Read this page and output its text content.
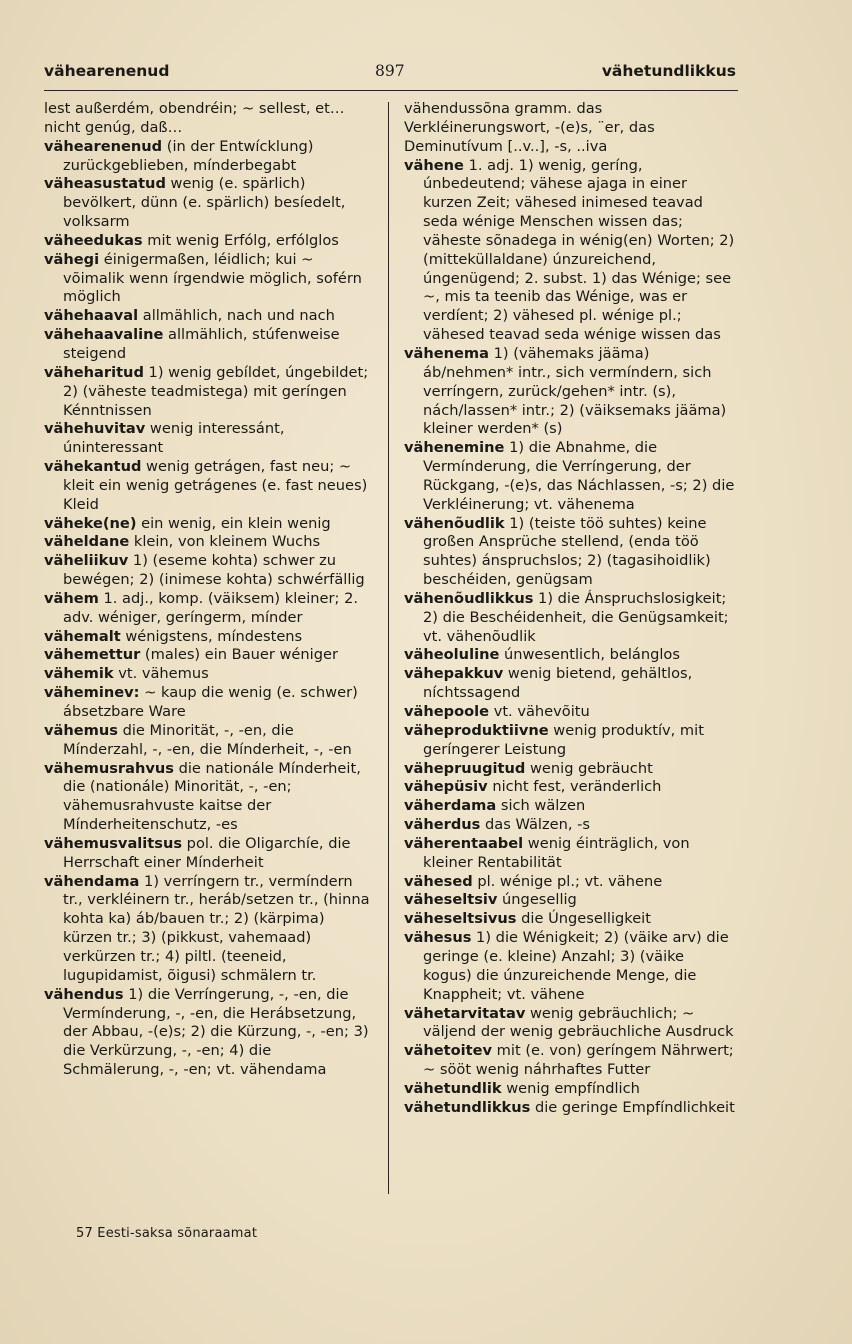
vähearenenud	897	vähetundlikkus

lest außerdém, obendréin; ~ sellest, et… nicht genúg, daß…

vähearenenud (in der Entwícklung) zurückgeblieben, mínderbegabt

väheasustatud wenig (e. spärlich) bevölkert, dünn (e. spärlich) besíedelt, volksarm

väheedukas mit wenig Erfólg, erfólglos

vähegi éinigermaßen, léidlich; kui ~ võimalik wenn írgendwie möglich, soférn möglich

vähehaaval allmählich, nach und nach

vähehaavaline allmählich, stúfenweise steigend

väheharitud 1) wenig gebíldet, úngebildet; 2) (väheste teadmistega) mit geríngen Kénntnissen

vähehuvitav wenig interessánt, úninteressant

vähekantud wenig getrágen, fast neu; ~ kleit ein wenig getrágenes (e. fast neues) Kleid

väheke(ne) ein wenig, ein klein wenig

väheldane klein, von kleinem Wuchs

väheliikuv 1) (eseme kohta) schwer zu bewégen; 2) (inimese kohta) schwérfällig

vähem 1. adj., komp. (väiksem) kleiner; 2. adv. wéniger, geríngerm, mínder

vähemalt wénigstens, míndestens

vähemettur (males) ein Bauer wéniger

vähemik vt. vähemus

väheminev: ~ kaup die wenig (e. schwer) ábsetzbare Ware

vähemus die Minorität, -, -en, die Mínderzahl, -, -en, die Mínderheit, -, -en

vähemusrahvus die nationále Mínderheit, die (nationále) Minorität, -, -en; vähemusrahvuste kaitse der Mínderheitenschutz, -es

vähemusvalitsus pol. die Oligarchíe, die Herrschaft einer Mínderheit

vähendama 1) verríngern tr., vermíndern tr., verkléinern tr., heráb/setzen tr., (hinna kohta ka) áb/bauen tr.; 2) (kärpima) kürzen tr.; 3) (pikkust, vahemaad) verkürzen tr.; 4) piltl. (teeneid, lugupidamist, õigusi) schmälern tr.

vähendus 1) die Verríngerung, -, -en, die Vermínderung, -, -en, die Herábsetzung, der Abbau, -(e)s; 2) die Kürzung, -, -en; 3) die Verkürzung, -, -en; 4) die Schmälerung, -, -en; vt. vähendama

vähendussõna gramm. das Verkléinerungswort, -(e)s, ¨er, das Deminutívum [..v..], -s, ..iva

vähene 1. adj. 1) wenig, geríng, únbedeutend; vähese ajaga in einer kurzen Zeit; vähesed inimesed teavad seda wénige Menschen wissen das; väheste sõnadega in wénig(en) Worten; 2) (mitteküllaldane) únzureichend, úngenügend; 2. subst. 1) das Wénige; see ~, mis ta teenib das Wénige, was er verdíent; 2) vähesed pl. wénige pl.; vähesed teavad seda wénige wissen das

vähenema 1) (vähemaks jääma) áb/nehmen* intr., sich vermíndern, sich verríngern, zurück/gehen* intr. (s), nách/lassen* intr.; 2) (väiksemaks jääma) kleiner werden* (s)

vähenemine 1) die Abnahme, die Vermínderung, die Verríngerung, der Rückgang, -(e)s, das Náchlassen, -s; 2) die Verkléinerung; vt. vähenema

vähenõudlik 1) (teiste töö suhtes) keine großen Ansprüche stellend, (enda töö suhtes) ánspruchslos; 2) (tagasihoidlik) beschéiden, genügsam

vähenõudlikkus 1) die Ánspruchslosigkeit; 2) die Beschéidenheit, die Genügsamkeit; vt. vähenõudlik

väheoluline únwesentlich, belánglos

vähepakkuv wenig bietend, gehältlos, níchtssagend

vähepoole vt. vähevõitu

väheproduktiivne wenig produktív, mit geríngerer Leistung

vähepruugitud wenig gebräucht

vähepüsiv nicht fest, veränderlich

väherdama sich wälzen

väherdus das Wälzen, -s

väherentaabel wenig éinträglich, von kleiner Rentabilität

vähesed pl. wénige pl.; vt. vähene

väheseltsiv úngesellig

väheseltsivus die Úngeselligkeit

vähesus 1) die Wénigkeit; 2) (väike arv) die geringe (e. kleine) Anzahl; 3) (väike kogus) die únzureichende Menge, die Knappheit; vt. vähene

vähetarvitatav wenig gebräuchlich; ~ väljend der wenig gebräuchliche Ausdruck

vähetoitev mit (e. von) geríngem Nährwert; ~ sööt wenig náhrhaftes Futter

vähetundlik wenig empfíndlich

vähetundlikkus die geringe Empfíndlichkeit

57 Eesti-saksa sõnaraamat
